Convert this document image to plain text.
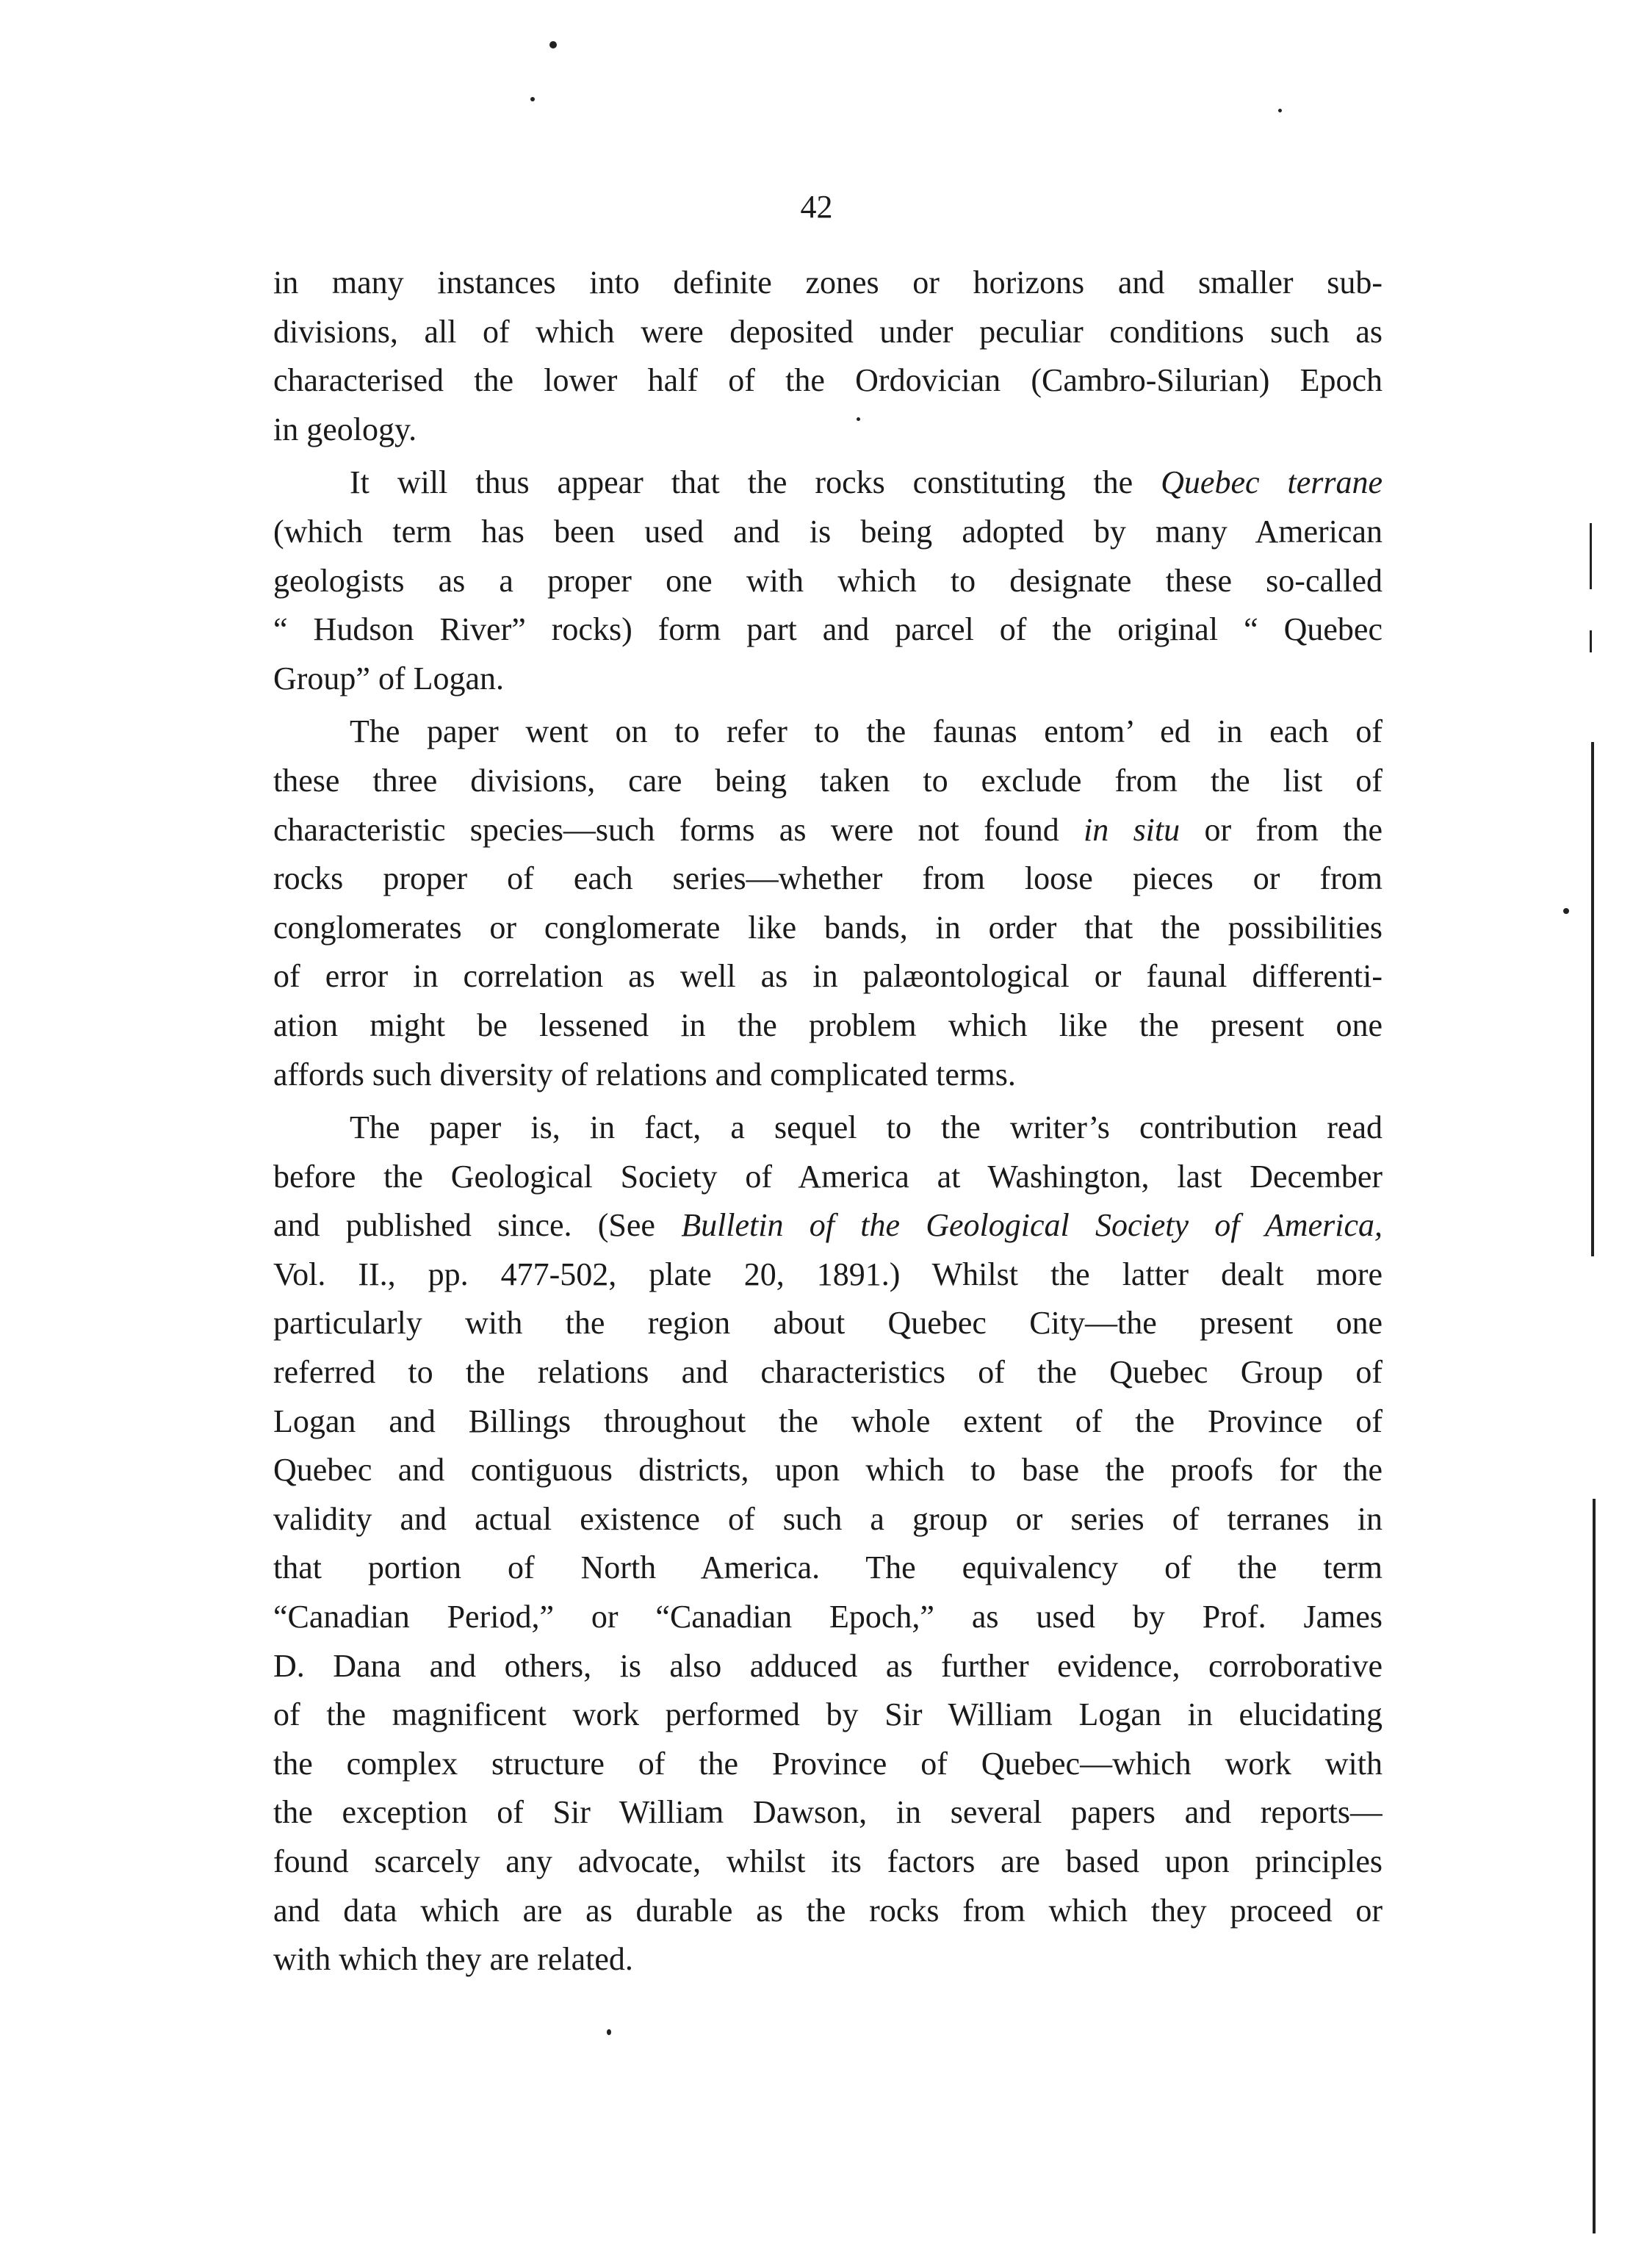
42
in many instances into definite zones or horizons and smaller sub-
divisions, all of which were deposited under peculiar conditions such as
characterised the lower half of the Ordovician (Cambro-Silurian) Epoch
in geology.
It will thus appear that the rocks constituting the Quebec terrane
(which term has been used and is being adopted by many American
geologists as a proper one with which to designate these so-called
“ Hudson River” rocks) form part and parcel of the original “ Quebec
Group” of Logan.
The paper went on to refer to the faunas entom’ ed in each of
these three divisions, care being taken to exclude from the list of
characteristic species—such forms as were not found in situ or from the
rocks proper of each series—whether from loose pieces or from
conglomerates or conglomerate like bands, in order that the possibilities
of error in correlation as well as in palæontological or faunal differenti-
ation might be lessened in the problem which like the present one
affords such diversity of relations and complicated terms.
The paper is, in fact, a sequel to the writer’s contribution read
before the Geological Society of America at Washington, last December
and published since. (See Bulletin of the Geological Society of America,
Vol. II., pp. 477-502, plate 20, 1891.) Whilst the latter dealt more
particularly with the region about Quebec City—the present one
referred to the relations and characteristics of the Quebec Group of
Logan and Billings throughout the whole extent of the Province of
Quebec and contiguous districts, upon which to base the proofs for the
validity and actual existence of such a group or series of terranes in
that portion of North America. The equivalency of the term
“Canadian Period,” or “Canadian Epoch,” as used by Prof. James
D. Dana and others, is also adduced as further evidence, corroborative
of the magnificent work performed by Sir William Logan in elucidating
the complex structure of the Province of Quebec—which work with
the exception of Sir William Dawson, in several papers and reports—
found scarcely any advocate, whilst its factors are based upon principles
and data which are as durable as the rocks from which they proceed or
with which they are related.
